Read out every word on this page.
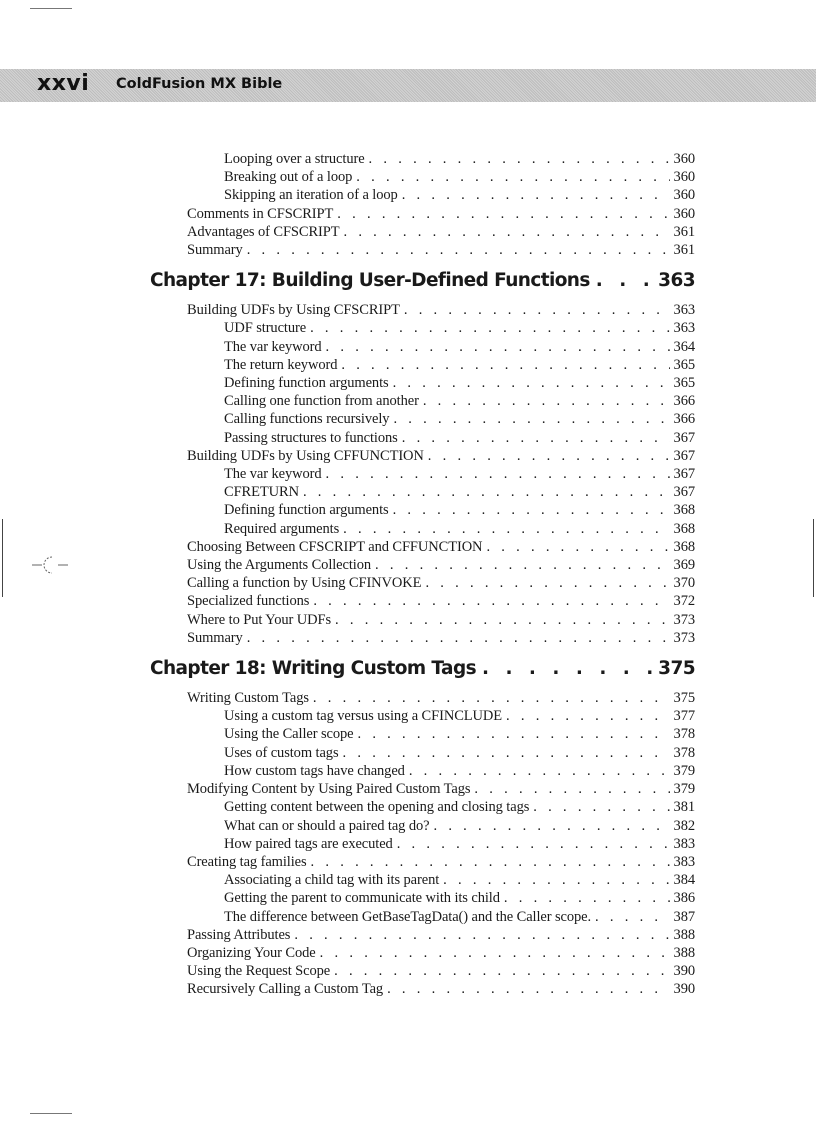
xxvi ColdFusion MX Bible
Looping over a structure . . .	360
Breaking out of a loop . . .	360
Skipping an iteration of a loop . . .	360
Comments in CFSCRIPT . . .	360
Advantages of CFSCRIPT . . .	361
Summary . . .	361
Chapter 17: Building User-Defined Functions . . .	363
Building UDFs by Using CFSCRIPT . . .	363
UDF structure . . .	363
The var keyword . . .	364
The return keyword . . .	365
Defining function arguments . . .	365
Calling one function from another . . .	366
Calling functions recursively . . .	366
Passing structures to functions . . .	367
Building UDFs by Using CFFUNCTION . . .	367
The var keyword . . .	367
CFRETURN . . .	367
Defining function arguments . . .	368
Required arguments . . .	368
Choosing Between CFSCRIPT and CFFUNCTION . . .	368
Using the Arguments Collection . . .	369
Calling a function by Using CFINVOKE . . .	370
Specialized functions . . .	372
Where to Put Your UDFs . . .	373
Summary . . .	373
Chapter 18: Writing Custom Tags . . .	375
Writing Custom Tags . . .	375
Using a custom tag versus using a CFINCLUDE . . .	377
Using the Caller scope . . .	378
Uses of custom tags . . .	378
How custom tags have changed . . .	379
Modifying Content by Using Paired Custom Tags . . .	379
Getting content between the opening and closing tags . . .	381
What can or should a paired tag do? . . .	382
How paired tags are executed . . .	383
Creating tag families . . .	383
Associating a child tag with its parent . . .	384
Getting the parent to communicate with its child . . .	386
The difference between GetBaseTagData() and the Caller scope. . . .	387
Passing Attributes . . .	388
Organizing Your Code . . .	388
Using the Request Scope . . .	390
Recursively Calling a Custom Tag . . .	390
